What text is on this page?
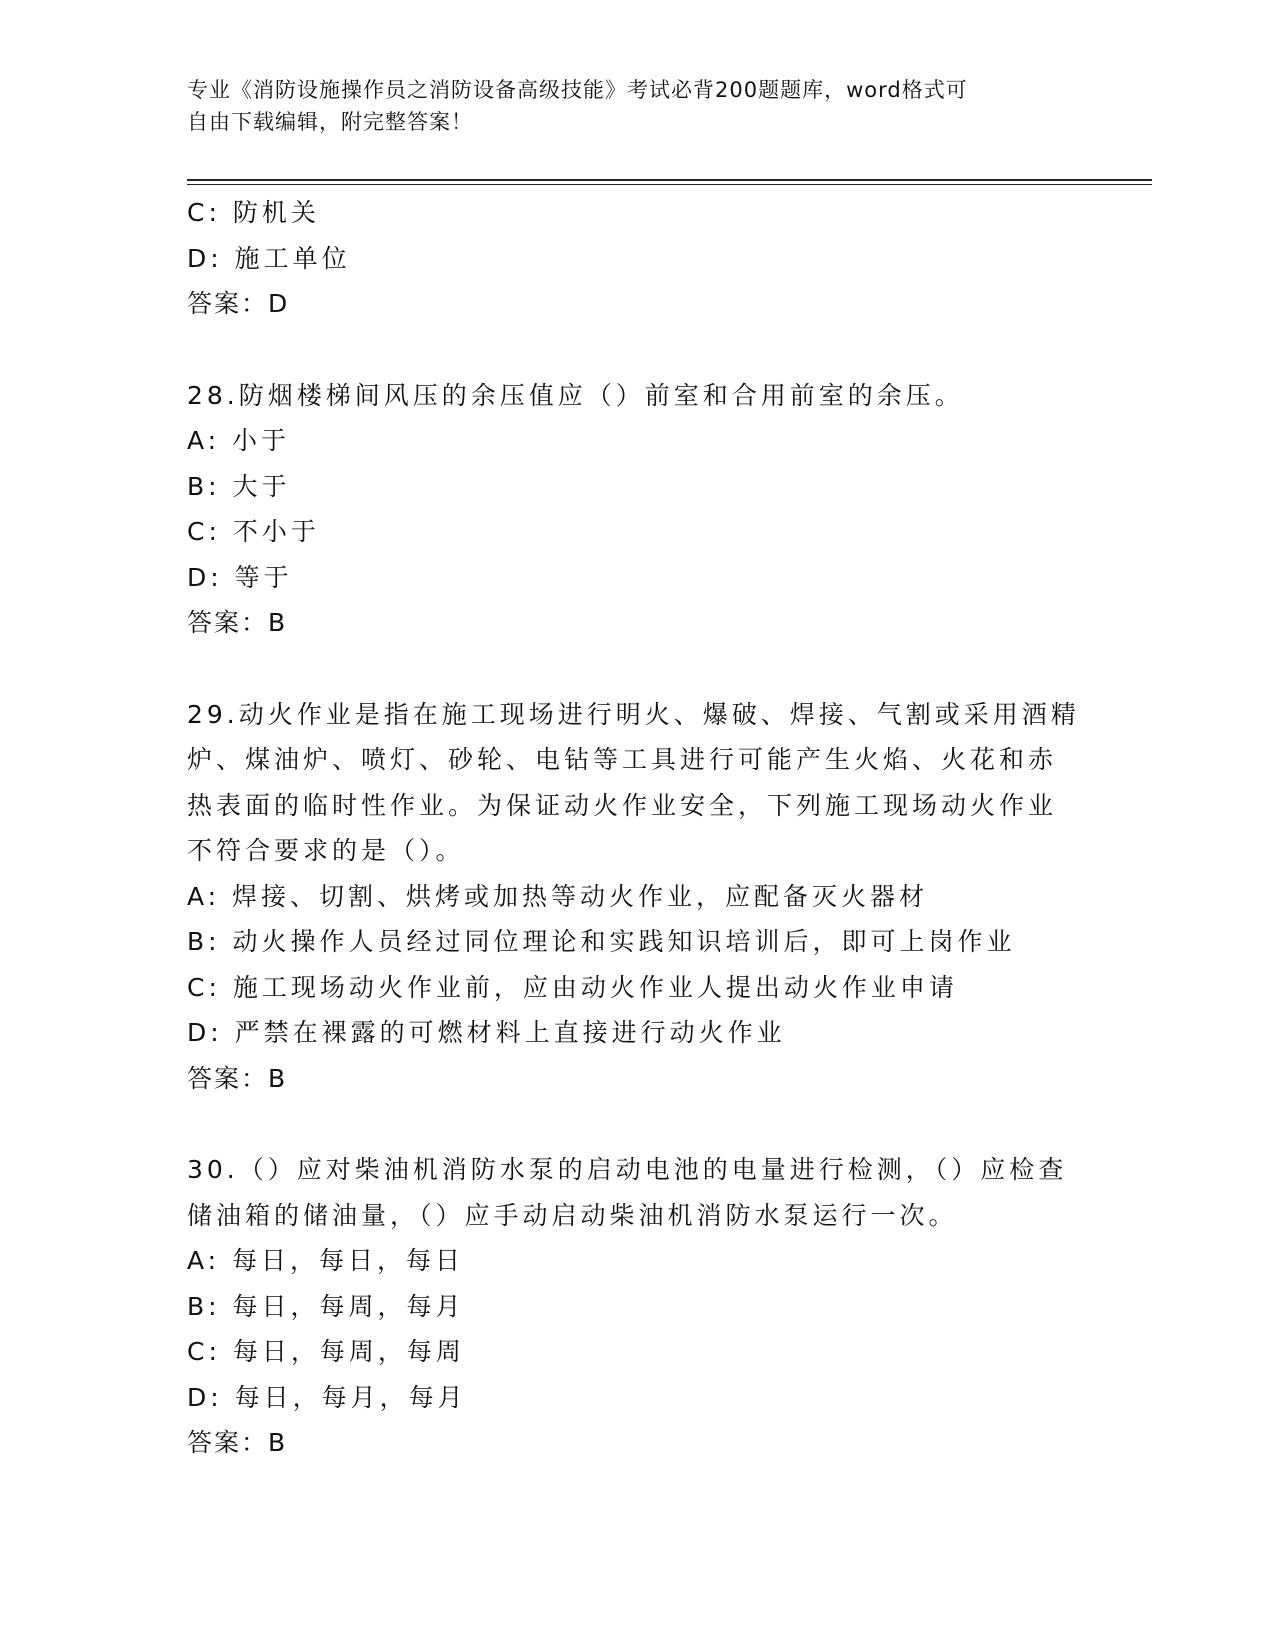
专业《消防设施操作员之消防设备高级技能》考试必背200题题库，word格式可
自由下载编辑，附完整答案！
C: 防机关
D: 施工单位
答案：D
28.防烟楼梯间风压的余压值应（）前室和合用前室的余压。
A: 小于
B: 大于
C: 不小于
D: 等于
答案：B
29.动火作业是指在施工现场进行明火、爆破、焊接、气割或采用酒精
炉、煤油炉、喷灯、砂轮、电钻等工具进行可能产生火焰、火花和赤
热表面的临时性作业。为保证动火作业安全，下列施工现场动火作业
不符合要求的是（）。
A: 焊接、切割、烘烤或加热等动火作业，应配备灭火器材
B: 动火操作人员经过同位理论和实践知识培训后，即可上岗作业
C: 施工现场动火作业前，应由动火作业人提出动火作业申请
D: 严禁在裸露的可燃材料上直接进行动火作业
答案：B
30.（）应对柴油机消防水泵的启动电池的电量进行检测，（）应检查
储油箱的储油量，（）应手动启动柴油机消防水泵运行一次。
A: 每日，每日，每日
B: 每日，每周，每月
C: 每日，每周，每周
D: 每日，每月，每月
答案：B
